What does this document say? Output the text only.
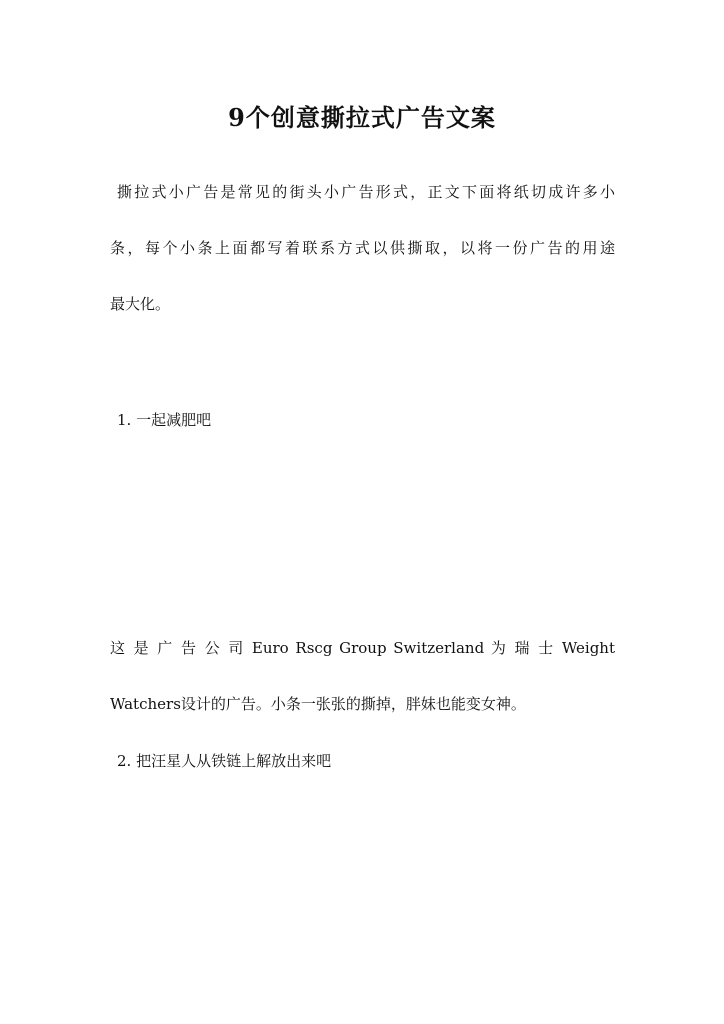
9个创意撕拉式广告文案
撕拉式小广告是常见的街头小广告形式，正文下面将纸切成许多小
条，每个小条上面都写着联系方式以供撕取，以将一份广告的用途
最大化。
1. 一起减肥吧
这 是 广 告 公 司 Euro Rscg Group Switzerland 为 瑞 士 Weight
Watchers设计的广告。小条一张张的撕掉，胖妹也能变女神。
2. 把汪星人从铁链上解放出来吧
